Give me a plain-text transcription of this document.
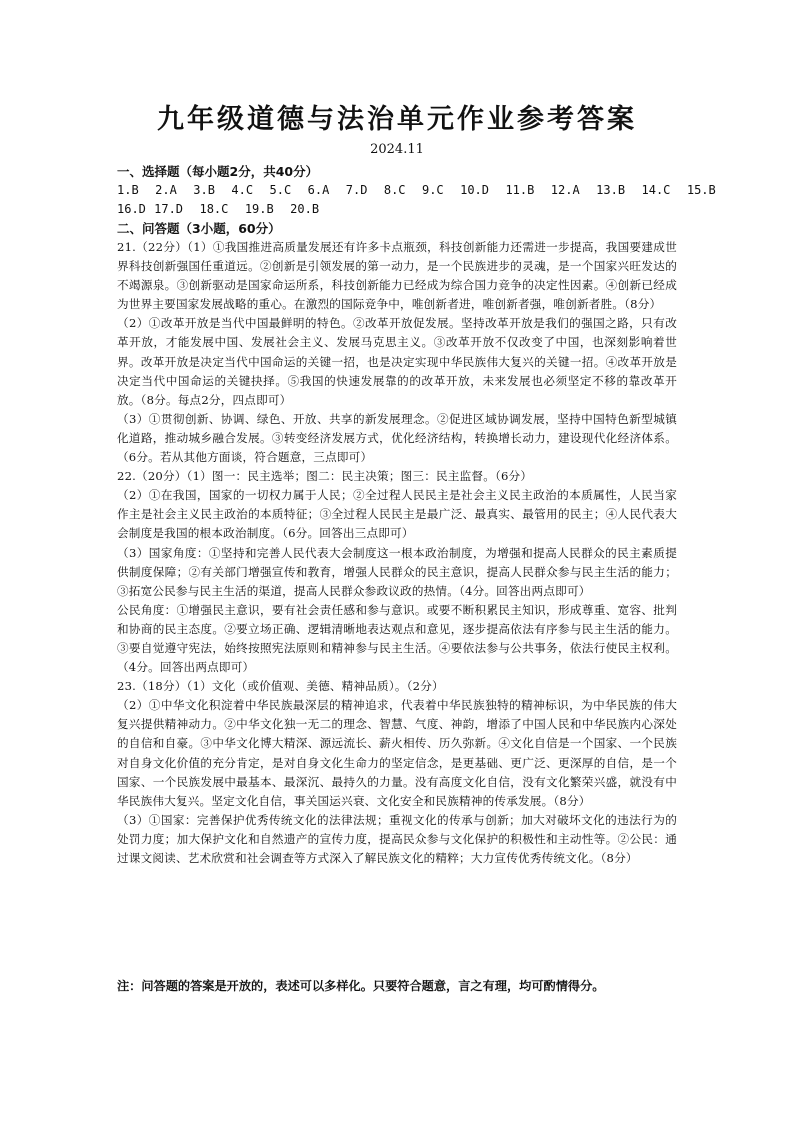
九年级道德与法治单元作业参考答案
2024.11
一、选择题（每小题2分，共40分）
1.B  2.A  3.B  4.C  5.C  6.A  7.D  8.C  9.C  10.D  11.B  12.A  13.B  14.C  15.B
16.D 17.D  18.C  19.B  20.B
二、问答题（3小题，60分）
21.（22分）（1）①我国推进高质量发展还有许多卡点瓶颈，科技创新能力还需进一步提高，我国要建成世界科技创新强国任重道远。②创新是引领发展的第一动力，是一个民族进步的灵魂，是一个国家兴旺发达的不竭源泉。③创新驱动是国家命运所系，科技创新能力已经成为综合国力竞争的决定性因素。④创新已经成为世界主要国家发展战略的重心。在激烈的国际竞争中，唯创新者进，唯创新者强，唯创新者胜。（8分）
（2）①改革开放是当代中国最鲜明的特色。②改革开放促发展。坚持改革开放是我们的强国之路，只有改革开放，才能发展中国、发展社会主义、发展马克思主义。③改革开放不仅改变了中国，也深刻影响着世界。改革开放是决定当代中国命运的关键一招，也是决定实现中华民族伟大复兴的关键一招。④改革开放是决定当代中国命运的关键抉择。⑤我国的快速发展靠的的改革开放，未来发展也必须坚定不移的靠改革开放。（8分。每点2分，四点即可）
（3）①贯彻创新、协调、绿色、开放、共享的新发展理念。②促进区域协调发展，坚持中国特色新型城镇化道路，推动城乡融合发展。③转变经济发展方式，优化经济结构，转换增长动力，建设现代化经济体系。（6分。若从其他方面谈，符合题意，三点即可）
22.（20分）（1）图一：民主选举；图二：民主决策；图三：民主监督。（6分）
（2）①在我国，国家的一切权力属于人民；②全过程人民民主是社会主义民主政治的本质属性，人民当家作主是社会主义民主政治的本质特征；③全过程人民民主是最广泛、最真实、最管用的民主；④人民代表大会制度是我国的根本政治制度。（6分。回答出三点即可）
（3）国家角度：①坚持和完善人民代表大会制度这一根本政治制度，为增强和提高人民群众的民主素质提供制度保障；②有关部门增强宣传和教育，增强人民群众的民主意识，提高人民群众参与民主生活的能力；③拓宽公民参与民主生活的渠道，提高人民群众参政议政的热情。（4分。回答出两点即可）
公民角度：①增强民主意识，要有社会责任感和参与意识。或要不断积累民主知识，形成尊重、宽容、批判和协商的民主态度。②要立场正确、逻辑清晰地表达观点和意见，逐步提高依法有序参与民主生活的能力。③要自觉遵守宪法，始终按照宪法原则和精神参与民主生活。④要依法参与公共事务，依法行使民主权利。（4分。回答出两点即可）
23.（18分）（1）文化（或价值观、美德、精神品质）。（2分）
（2）①中华文化积淀着中华民族最深层的精神追求，代表着中华民族独特的精神标识，为中华民族的伟大复兴提供精神动力。②中华文化独一无二的理念、智慧、气度、神韵，增添了中国人民和中华民族内心深处的自信和自豪。③中华文化博大精深、源远流长、薪火相传、历久弥新。④文化自信是一个国家、一个民族对自身文化价值的充分肯定，是对自身文化生命力的坚定信念，是更基础、更广泛、更深厚的自信，是一个国家、一个民族发展中最基本、最深沉、最持久的力量。没有高度文化自信，没有文化繁荣兴盛，就没有中华民族伟大复兴。坚定文化自信，事关国运兴衰、文化安全和民族精神的传承发展。（8分）
（3）①国家：完善保护优秀传统文化的法律法规；重视文化的传承与创新；加大对破坏文化的违法行为的处罚力度；加大保护文化和自然遗产的宣传力度，提高民众参与文化保护的积极性和主动性等。②公民：通过课文阅读、艺术欣赏和社会调查等方式深入了解民族文化的精粹；大力宣传优秀传统文化。（8分）
注：问答题的答案是开放的，表述可以多样化。只要符合题意，言之有理，均可酌情得分。
